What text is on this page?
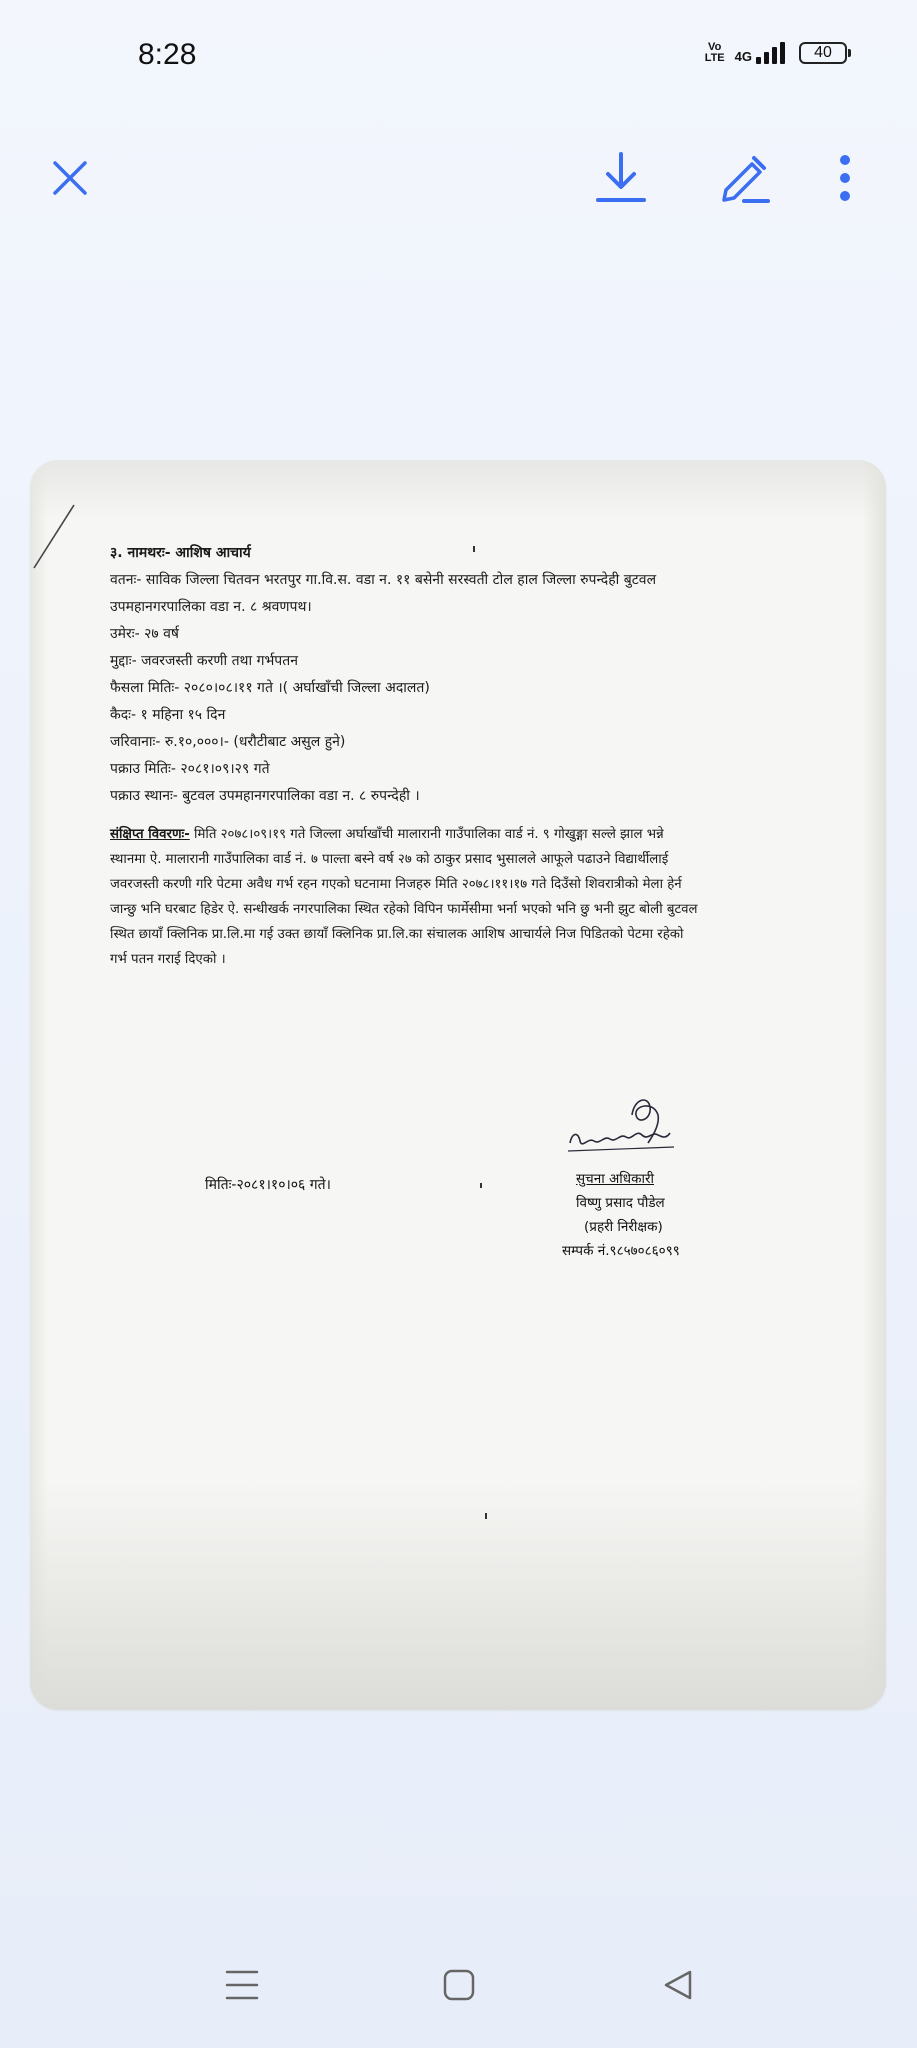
8:28	Vo
LTE 4G	40
३. नामथरः- आशिष आचार्य
वतनः- साविक जिल्ला चितवन भरतपुर गा.वि.स. वडा न. ११ बसेनी सरस्वती टोल हाल जिल्ला रुपन्देही बुटवल
उपमहानगरपालिका वडा न. ८ श्रवणपथ।
उमेरः- २७ वर्ष
मुद्दाः- जवरजस्ती करणी तथा गर्भपतन
फैसला मितिः- २०८०।०८।११ गते ।( अर्घाखाँची जिल्ला अदालत)
कैदः- १ महिना १५ दिन
जरिवानाः- रु.१०,०००।- (धरौटीबाट असुल हुने)
पक्राउ मितिः- २०८१।०९।२९ गते
पक्राउ स्थानः- बुटवल उपमहानगरपालिका वडा न. ८ रुपन्देही ।
संक्षिप्त विवरणः- मिति २०७८।०९।१९ गते जिल्ला अर्घाखाँची मालारानी गाउँपालिका वार्ड नं. ९ गोखुङ्गा सल्ले झाल भन्ने
स्थानमा ऐ. मालारानी गाउँपालिका वार्ड नं. ७ पाल्ता बस्ने वर्ष २७ को ठाकुर प्रसाद भुसालले आफूले पढाउने विद्यार्थीलाई
जवरजस्ती करणी गरि पेटमा अवैध गर्भ रहन गएको घटनामा निजहरु मिति २०७८।११।१७ गते दिउँसो शिवरात्रीको मेला हेर्न
जान्छु भनि घरबाट हिडेर ऐ. सन्धीखर्क नगरपालिका स्थित रहेको विपिन फार्मेसीमा भर्ना भएको भनि छु भनी झुट बोली बुटवल
स्थित छायाँ क्लिनिक प्रा.लि.मा गई उक्त छायाँ क्लिनिक प्रा.लि.का संचालक आशिष आचार्यले निज पिडितको पेटमा रहेको
गर्भ पतन गराई दिएको ।
मितिः-२०८१।१०।०६ गते।	सुचना अधिकारी
विष्णु प्रसाद पौडेल
(प्रहरी निरीक्षक)
सम्पर्क नं.९८५७०८६०९९
